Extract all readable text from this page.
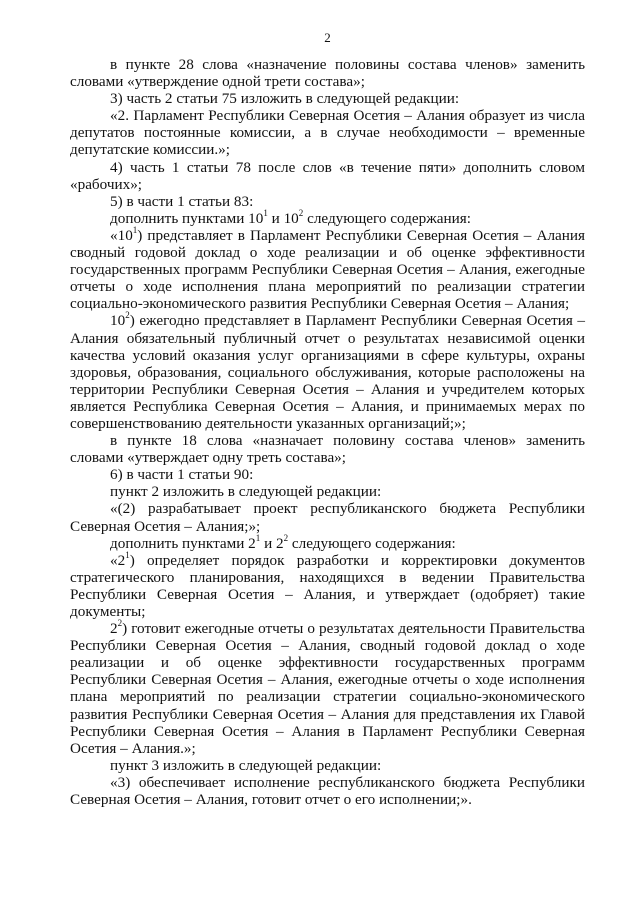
2

в пункте 28 слова «назначение половины состава членов» заменить словами «утверждение одной трети состава»;

3) часть 2 статьи 75 изложить в следующей редакции:

«2. Парламент Республики Северная Осетия – Алания образует из числа депутатов постоянные комиссии, а в случае необходимости – временные депутатские комиссии.»;

4) часть 1 статьи 78 после слов «в течение пяти» дополнить словом «рабочих»;

5) в части 1 статьи 83:

дополнить пунктами $10^1$ и $10^2$ следующего содержания:

«$10^1$) представляет в Парламент Республики Северная Осетия – Алания сводный годовой доклад о ходе реализации и об оценке эффективности государственных программ Республики Северная Осетия – Алания, ежегодные отчеты о ходе исполнения плана мероприятий по реализации стратегии социально-экономического развития Республики Северная Осетия – Алания;

$10^2$) ежегодно представляет в Парламент Республики Северная Осетия – Алания обязательный публичный отчет о результатах независимой оценки качества условий оказания услуг организациями в сфере культуры, охраны здоровья, образования, социального обслуживания, которые расположены на территории Республики Северная Осетия – Алания и учредителем которых является Республика Северная Осетия – Алания, и принимаемых мерах по совершенствованию деятельности указанных организаций;»;

в пункте 18 слова «назначает половину состава членов» заменить словами «утверждает одну треть состава»;

6) в части 1 статьи 90:

пункт 2 изложить в следующей редакции:

«(2) разрабатывает проект республиканского бюджета Республики Северная Осетия – Алания;»;

дополнить пунктами $2^1$ и $2^2$ следующего содержания:

«$2^1$) определяет порядок разработки и корректировки документов стратегического планирования, находящихся в ведении Правительства Республики Северная Осетия – Алания, и утверждает (одобряет) такие документы;

$2^2$) готовит ежегодные отчеты о результатах деятельности Правительства Республики Северная Осетия – Алания, сводный годовой доклад о ходе реализации и об оценке эффективности государственных программ Республики Северная Осетия – Алания, ежегодные отчеты о ходе исполнения плана мероприятий по реализации стратегии социально-экономического развития Республики Северная Осетия – Алания для представления их Главой Республики Северная Осетия – Алания в Парламент Республики Северная Осетия – Алания.»;

пункт 3 изложить в следующей редакции:

«3) обеспечивает исполнение республиканского бюджета Республики Северная Осетия – Алания, готовит отчет о его исполнении;».
